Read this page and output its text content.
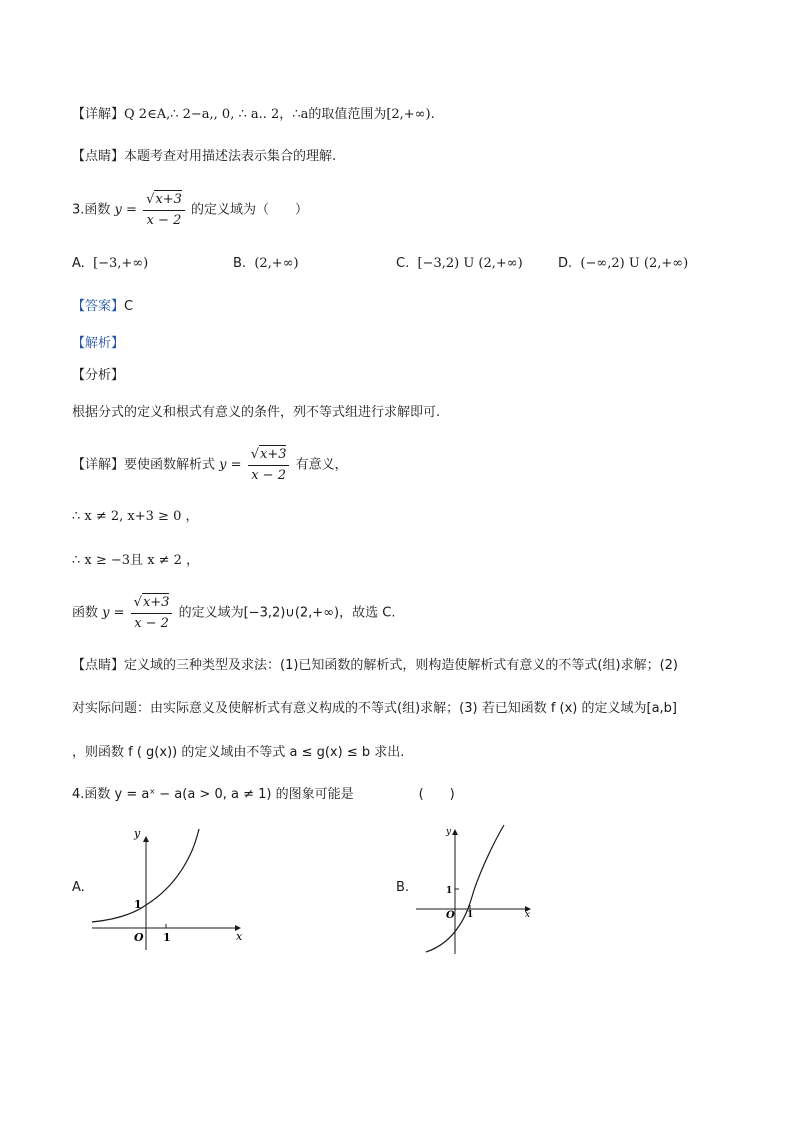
【详解】Q 2∈A,∴ 2−a,, 0, ∴ a.. 2，∴a的取值范围为[2,+∞).
【点睛】本题考查对用描述法表示集合的理解.
3.函数 $y = \frac{√x+3}{x - 2}$ 的定义域为（　　）
A. [−3,+∞)	B. (2,+∞)	C. [−3,2) U (2,+∞)	D. (−∞,2) U (2,+∞)
【答案】C
【解析】
【分析】
根据分式的定义和根式有意义的条件，列不等式组进行求解即可.
【详解】要使函数解析式 $y = \frac{√x+3}{x - 2}$ 有意义，
∴ x ≠ 2, x+3 ≥ 0 ，
∴ x ≥ −3且 x ≠ 2 ，
函数 $y = \frac{√x+3}{x - 2}$ 的定义域为[−3,2)∪(2,+∞)，故选 C.
【点睛】定义域的三种类型及求法：(1)已知函数的解析式，则构造使解析式有意义的不等式(组)求解；(2)
对实际问题：由实际意义及使解析式有意义构成的不等式(组)求解；(3) 若已知函数 f (x) 的定义域为[a,b]
，则函数 f ( g(x)) 的定义域由不等式 a ≤ g(x) ≤ b 求出.
4.函数 y = aˣ − a(a > 0, a ≠ 1) 的图象可能是　　　　　(　　)
A.	B.
y
x
O
1
1
y
x
O
1
1
